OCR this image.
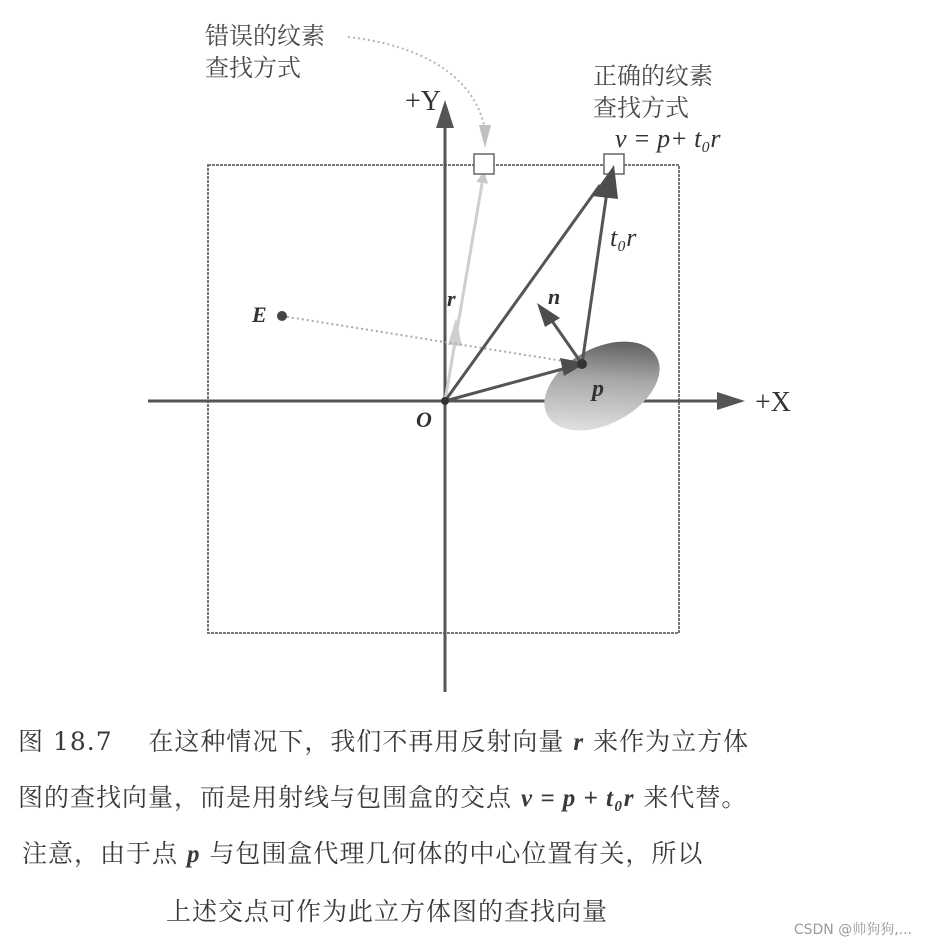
+Y
+X
错误的纹素
查找方式	正确的纹素
查找方式
v = p+ t₀r
E
O
r	n
p
t₀r
图 18.7 在这种情况下，我们不再用反射向量 r 来作为立方体
图的查找向量，而是用射线与包围盒的交点 v = p + t₀r 来代替。
注意，由于点 p 与包围盒代理几何体的中心位置有关，所以
上述交点可作为此立方体图的查找向量
CSDN @帅狗狗,...
